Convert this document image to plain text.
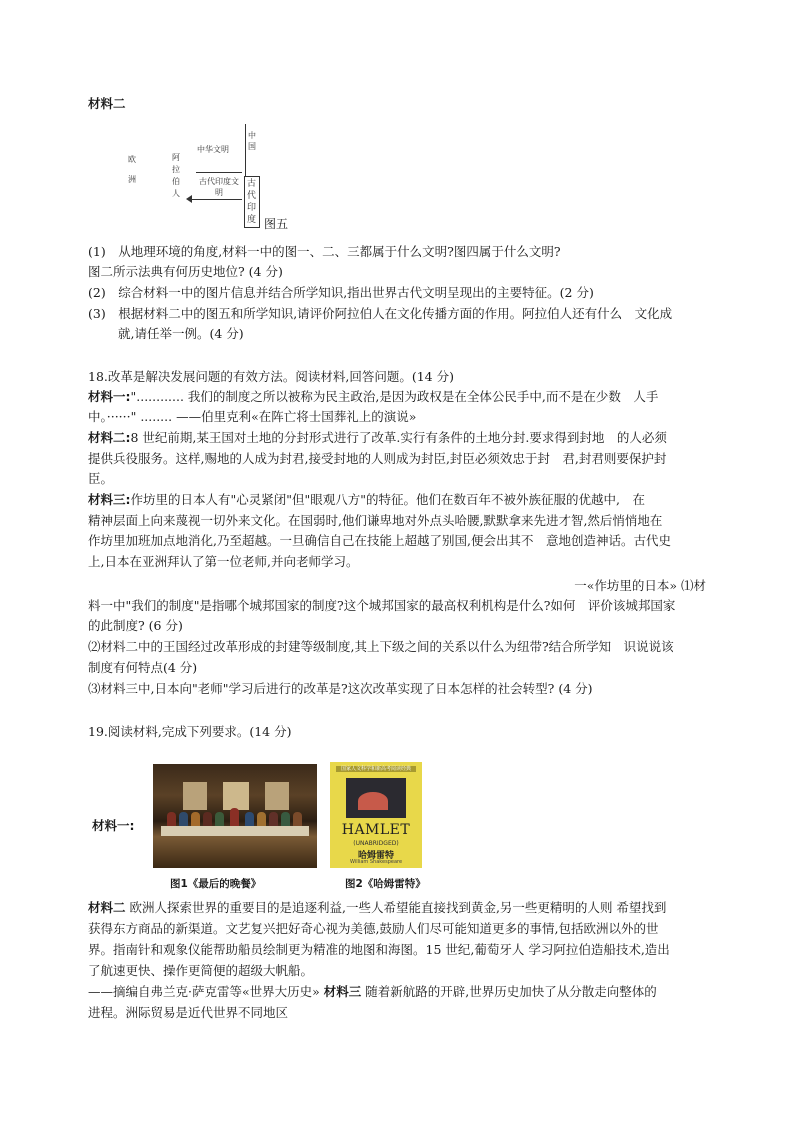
材料二
欧洲
阿拉伯人
中华文明
中国
古代印度文明
古代印度 图五
(1)　从地理环境的角度,材料一中的图一、二、三都属于什么文明?图四属于什么文明?
图二所示法典有何历史地位? (4 分)
(2)　综合材料一中的图片信息并结合所学知识,指出世界古代文明呈现出的主要特征。(2 分)
(3)　根据材料二中的图五和所学知识,请评价阿拉伯人在文化传播方面的作用。阿拉伯人还有什么　文化成
就,请任举一例。(4 分)
18.改革是解决发展问题的有效方法。阅读材料,回答问题。(14 分)
材料一:"............ 我们的制度之所以被称为民主政治,是因为政权是在全体公民手中,而不是在少数　人手
中。······" ........ ——伯里克利«在阵亡将士国葬礼上的演说»
材料二:8 世纪前期,某王国对土地的分封形式进行了改革.实行有条件的土地分封.要求得到封地　的人必须
提供兵役服务。这样,赐地的人成为封君,接受封地的人则成为封臣,封臣必须效忠于封　君,封君则要保护封
臣。
材料三:作坊里的日本人有"心灵紧闭"但"眼观八方"的特征。他们在数百年不被外族征服的优越中,　在
精神层面上向来蔑视一切外来文化。在国弱时,他们谦卑地对外点头哈腰,默默拿来先进才智,然后悄悄地在
作坊里加班加点地消化,乃至超越。一旦确信自己在技能上超越了别国,便会出其不　意地创造神话。古代史
上,日本在亚洲拜认了第一位老师,并向老师学习。
一«作坊里的日本» ⑴材
料一中"我们的制度"是指哪个城邦国家的制度?这个城邦国家的最高权利机构是什么?如何　评价该城邦国家
的此制度? (6 分)
⑵材料二中的王国经过改革形成的封建等级制度,其上下级之间的关系以什么为纽带?结合所学知　识说说该
制度有何特点(4 分)
⑶材料三中,日本向"老师"学习后进行的改革是?这次改革实现了日本怎样的社会转型? (4 分)
19.阅读材料,完成下列要求。(14 分)
材料一:
国家人文科学和新高考阅读经典
HAMLET
(UNABRIDGED)
哈姆雷特
William Shakespeare
图1《最后的晚餐》	图2《哈姆雷特》
材料二 欧洲人探索世界的重要目的是追逐利益,一些人希望能直接找到黄金,另一些更精明的人则 希望找到
获得东方商品的新渠道。文艺复兴把好奇心视为美德,鼓励人们尽可能知道更多的事情,包括欧洲以外的世
界。指南针和观象仪能帮助船员绘制更为精准的地图和海图。15 世纪,葡萄牙人 学习阿拉伯造船技术,造出
了航速更快、操作更简便的超级大帆船。
——摘编自弗兰克·萨克雷等«世界大历史» 材料三 随着新航路的开辟,世界历史加快了从分散走向整体的
进程。洲际贸易是近代世界不同地区
